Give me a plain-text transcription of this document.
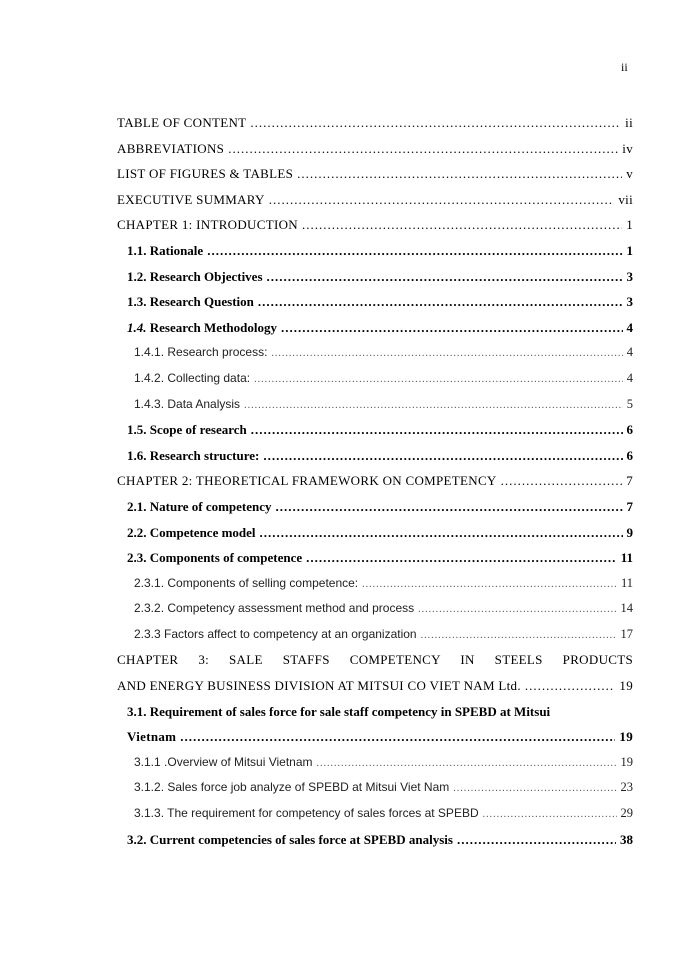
ii
TABLE OF CONTENT .....	ii
ABBREVIATIONS .....	iv
LIST OF FIGURES & TABLES .....	v
EXECUTIVE SUMMARY .....	vii
CHAPTER 1: INTRODUCTION .....	1
1.1. Rationale .....	1
1.2. Research Objectives .....	3
1.3. Research Question .....	3
1.4. Research Methodology .....	4
1.4.1. Research process: .....	4
1.4.2. Collecting data: .....	4
1.4.3. Data Analysis .....	5
1.5. Scope of research .....	6
1.6. Research structure: .....	6
CHAPTER 2: THEORETICAL FRAMEWORK ON COMPETENCY .....	7
2.1. Nature of competency .....	7
2.2. Competence model .....	9
2.3. Components of competence .....	11
2.3.1. Components of selling competence: .....	11
2.3.2. Competency assessment method and process .....	14
2.3.3 Factors affect to competency at an organization .....	17
CHAPTER 3: SALE STAFFS COMPETENCY IN STEELS PRODUCTS
AND ENERGY BUSINESS DIVISION AT MITSUI CO VIET NAM Ltd. .....	19
3.1. Requirement of sales force for sale staff competency in SPEBD at Mitsui
Vietnam .....	19
3.1.1 .Overview of Mitsui Vietnam .....	19
3.1.2. Sales force job analyze of SPEBD at Mitsui Viet Nam .....	23
3.1.3. The requirement for competency of sales forces at SPEBD .....	29
3.2. Current competencies of sales force at SPEBD analysis .....	38
